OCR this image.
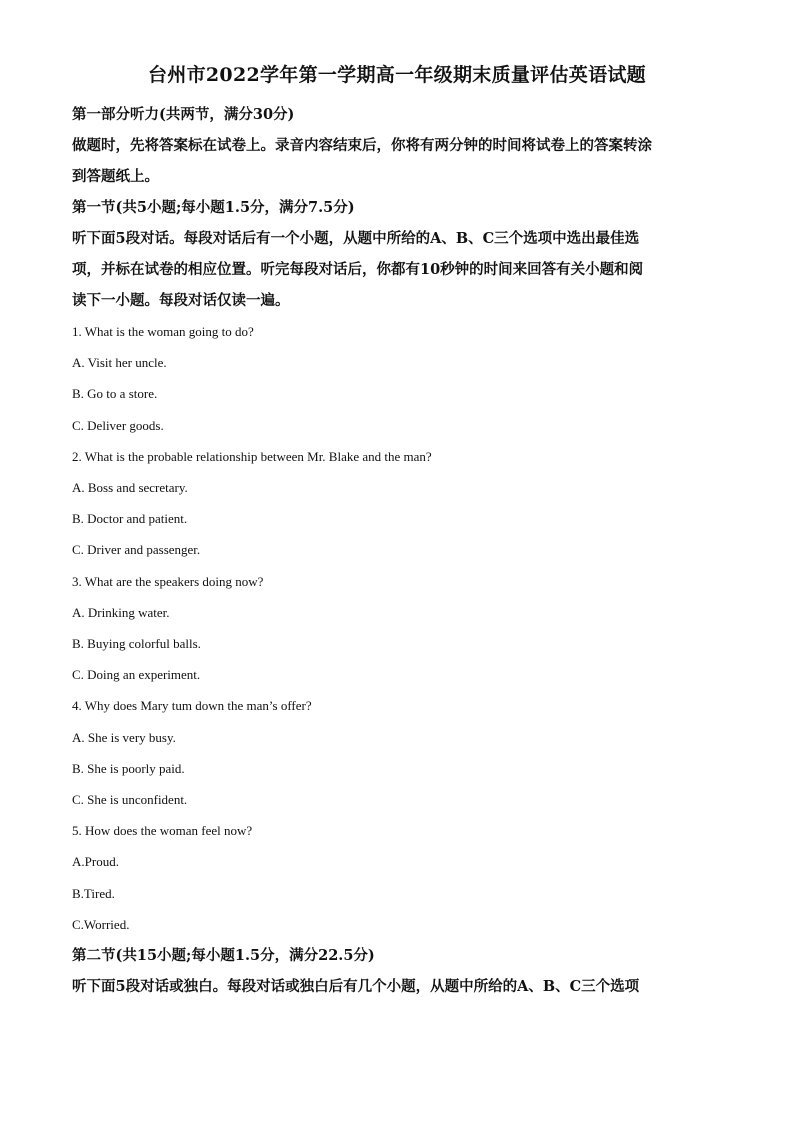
台州市2022学年第一学期高一年级期末质量评估英语试题

第一部分听力(共两节，满分30分)

做题时，先将答案标在试卷上。录音内容结束后，你将有两分钟的时间将试卷上的答案转涂
到答题纸上。

第一节(共5小题;每小题1.5分，满分7.5分)

听下面5段对话。每段对话后有一个小题，从题中所给的A、B、C三个选项中选出最佳选
项，并标在试卷的相应位置。听完每段对话后，你都有10秒钟的时间来回答有关小题和阅
读下一小题。每段对话仅读一遍。

1. What is the woman going to do?

A. Visit her uncle.

B. Go to a store.

C. Deliver goods.

2. What is the probable relationship between Mr. Blake and the man?

A. Boss and secretary.

B. Doctor and patient.

C. Driver and passenger.

3. What are the speakers doing now?

A. Drinking water.

B. Buying colorful balls.

C. Doing an experiment.

4. Why does Mary tum down the man’s offer?

A. She is very busy.

B. She is poorly paid.

C. She is unconfident.

5. How does the woman feel now?

A.Proud.

B.Tired.

C.Worried.

第二节(共15小题;每小题1.5分，满分22.5分)

听下面5段对话或独白。每段对话或独白后有几个小题，从题中所给的A、B、C三个选项
